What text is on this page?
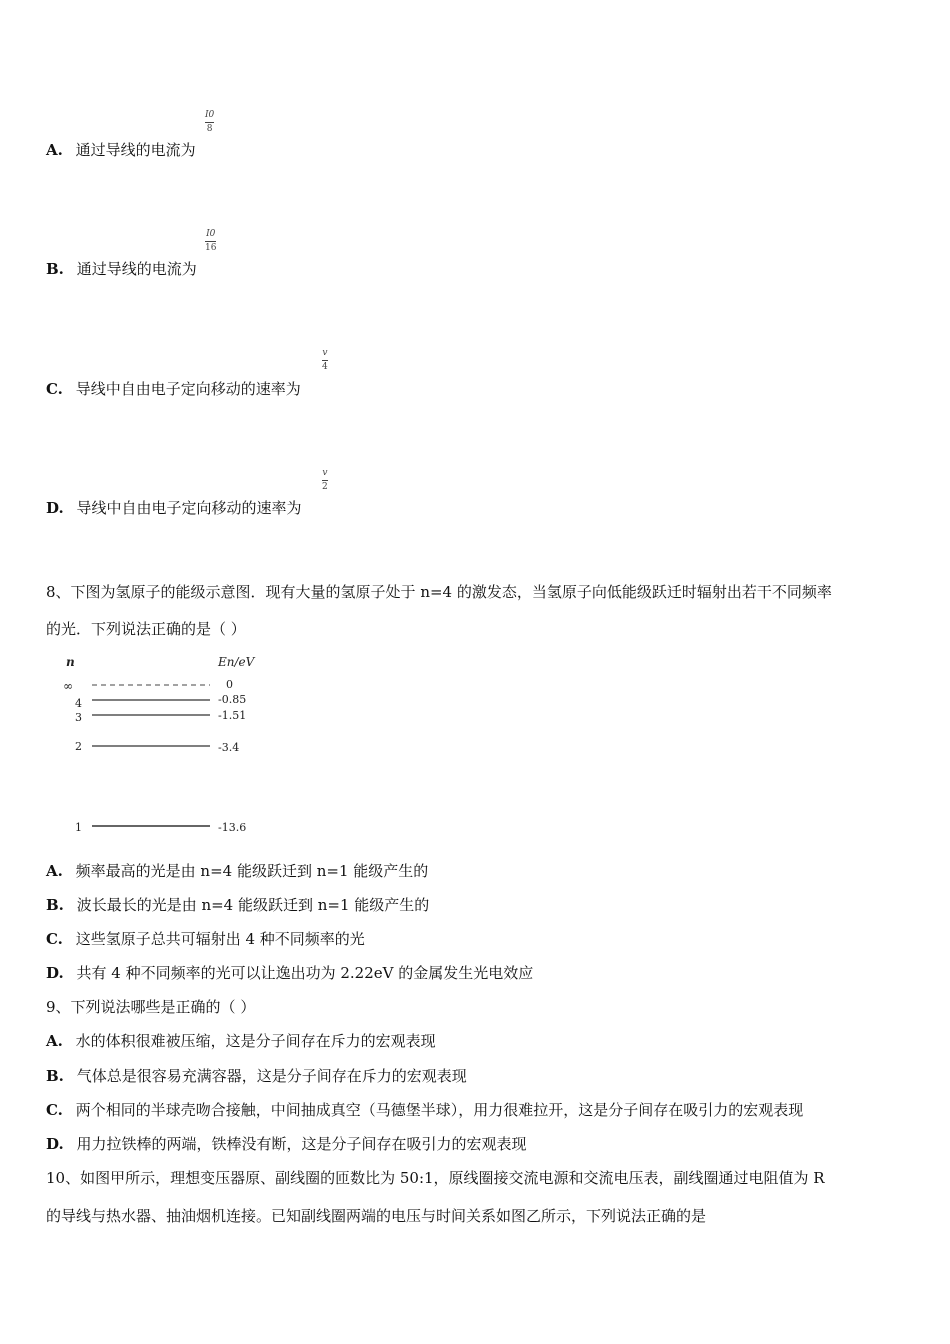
A. 通过导线的电流为
I0
8
B. 通过导线的电流为
I0
16
C. 导线中自由电子定向移动的速率为
v
4
D. 导线中自由电子定向移动的速率为
v
2
8、下图为氢原子的能级示意图．现有大量的氢原子处于 n=4 的激发态，当氢原子向低能级跃迁时辐射出若干不同频率
的光．下列说法正确的是（ ）
n	En/eV
∞	0
4	-0.85
3	-1.51
2	-3.4
1	-13.6
A. 频率最高的光是由 n=4 能级跃迁到 n=1 能级产生的
B. 波长最长的光是由 n=4 能级跃迁到 n=1 能级产生的
C. 这些氢原子总共可辐射出 4 种不同频率的光
D. 共有 4 种不同频率的光可以让逸出功为 2.22eV 的金属发生光电效应
9、下列说法哪些是正确的（ ）
A. 水的体积很难被压缩，这是分子间存在斥力的宏观表现
B. 气体总是很容易充满容器，这是分子间存在斥力的宏观表现
C. 两个相同的半球壳吻合接触，中间抽成真空（马德堡半球），用力很难拉开，这是分子间存在吸引力的宏观表现
D. 用力拉铁棒的两端，铁棒没有断，这是分子间存在吸引力的宏观表现
10、如图甲所示，理想变压器原、副线圈的匝数比为 50:1，原线圈接交流电源和交流电压表，副线圈通过电阻值为 R
的导线与热水器、抽油烟机连接。已知副线圈两端的电压与时间关系如图乙所示，下列说法正确的是
